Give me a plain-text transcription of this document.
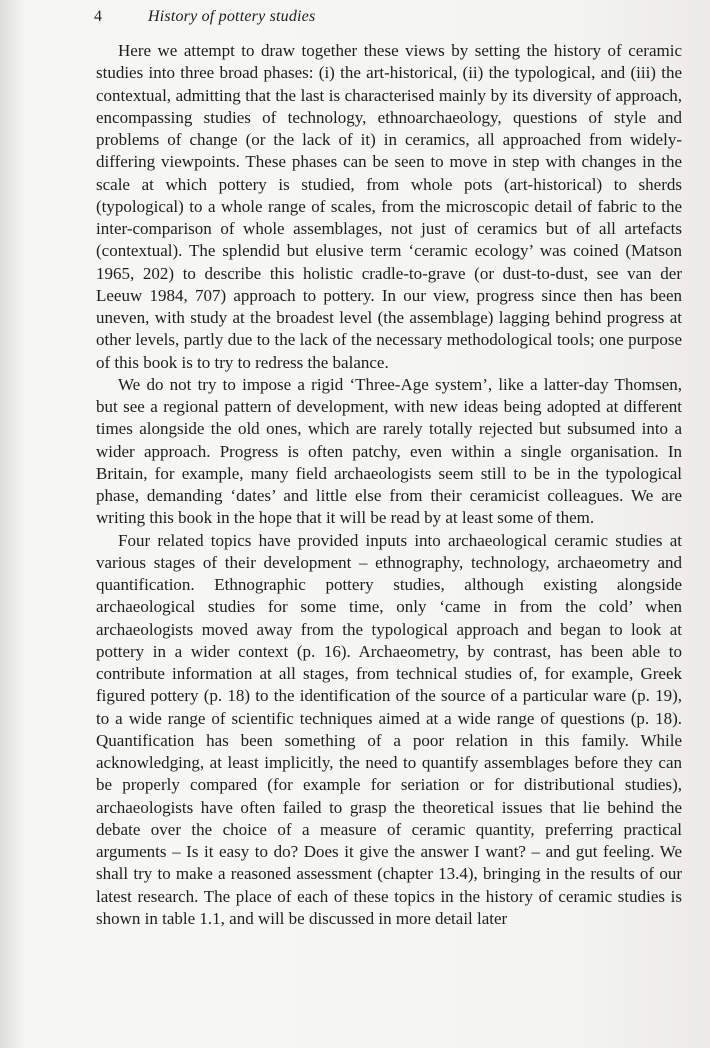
4	History of pottery studies

Here we attempt to draw together these views by setting the history of ceramic studies into three broad phases: (i) the art-historical, (ii) the typological, and (iii) the contextual, admitting that the last is characterised mainly by its diversity of approach, encompassing studies of technology, ethnoarchaeology, questions of style and problems of change (or the lack of it) in ceramics, all approached from widely-differing viewpoints. These phases can be seen to move in step with changes in the scale at which pottery is studied, from whole pots (art-historical) to sherds (typological) to a whole range of scales, from the microscopic detail of fabric to the inter-comparison of whole assemblages, not just of ceramics but of all artefacts (contextual). The splendid but elusive term ‘ceramic ecology’ was coined (Matson 1965, 202) to describe this holistic cradle-to-grave (or dust-to-dust, see van der Leeuw 1984, 707) approach to pottery. In our view, progress since then has been uneven, with study at the broadest level (the assemblage) lagging behind progress at other levels, partly due to the lack of the necessary methodological tools; one purpose of this book is to try to redress the balance.

We do not try to impose a rigid ‘Three-Age system’, like a latter-day Thomsen, but see a regional pattern of development, with new ideas being adopted at different times alongside the old ones, which are rarely totally rejected but subsumed into a wider approach. Progress is often patchy, even within a single organisation. In Britain, for example, many field archaeologists seem still to be in the typological phase, demanding ‘dates’ and little else from their ceramicist colleagues. We are writing this book in the hope that it will be read by at least some of them.

Four related topics have provided inputs into archaeological ceramic studies at various stages of their development – ethnography, technology, archaeometry and quantification. Ethnographic pottery studies, although existing alongside archaeological studies for some time, only ‘came in from the cold’ when archaeologists moved away from the typological approach and began to look at pottery in a wider context (p. 16). Archaeometry, by contrast, has been able to contribute information at all stages, from technical studies of, for example, Greek figured pottery (p. 18) to the identification of the source of a particular ware (p. 19), to a wide range of scientific techniques aimed at a wide range of questions (p. 18). Quantification has been something of a poor relation in this family. While acknowledging, at least implicitly, the need to quantify assemblages before they can be properly compared (for example for seriation or for distributional studies), archaeologists have often failed to grasp the theoretical issues that lie behind the debate over the choice of a measure of ceramic quantity, preferring practical arguments – Is it easy to do? Does it give the answer I want? – and gut feeling. We shall try to make a reasoned assessment (chapter 13.4), bringing in the results of our latest research. The place of each of these topics in the history of ceramic studies is shown in table 1.1, and will be discussed in more detail later
